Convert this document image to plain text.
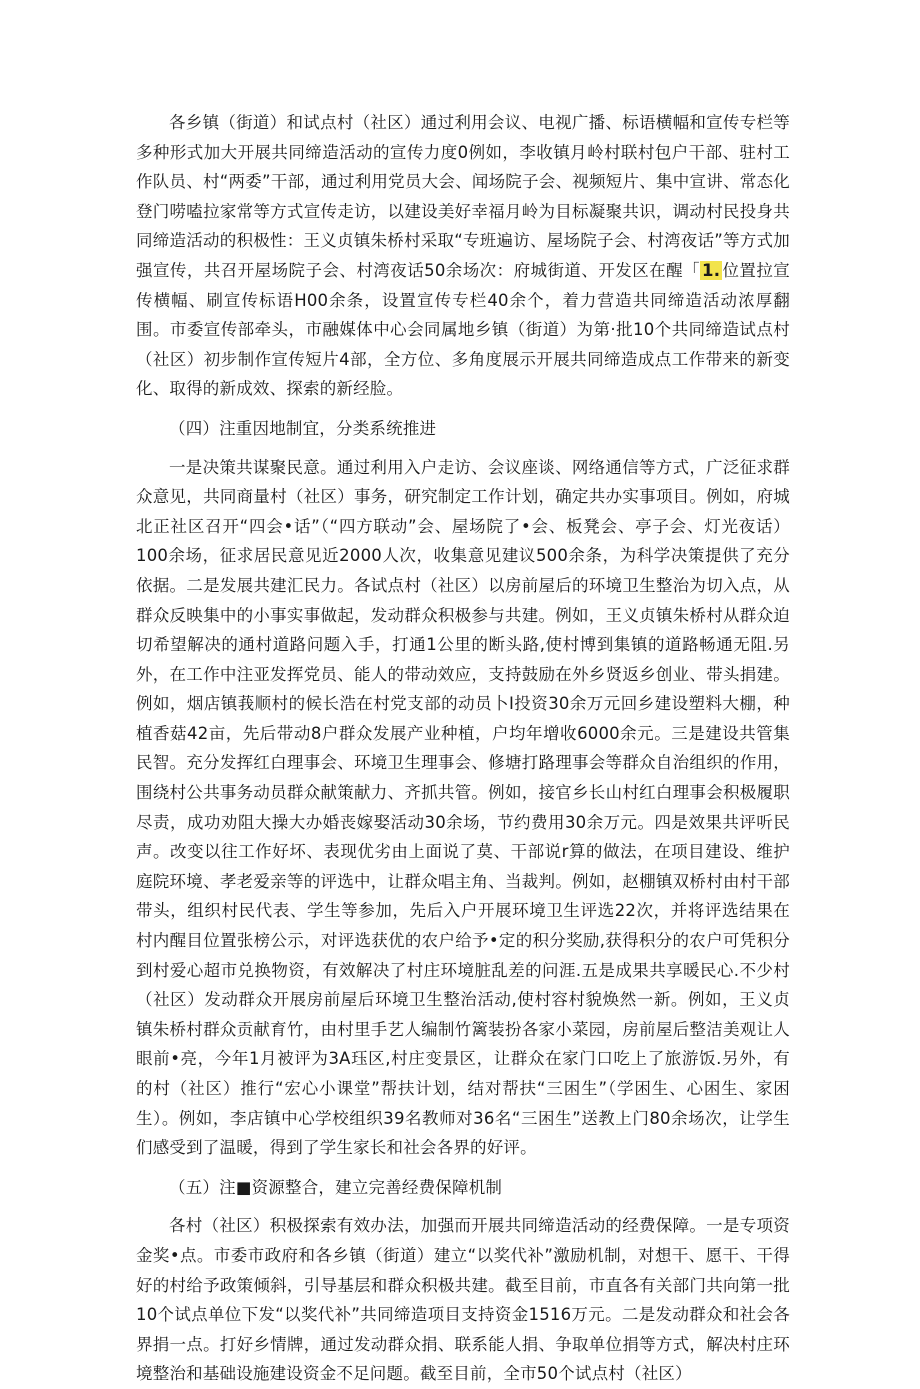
各乡镇（街道）和试点村（社区）通过利用会议、电视广播、标语横幅和宣传专栏等多种形式加大开展共同缔造活动的宣传力度0例如，李收镇月岭村联村包户干部、驻村工作队员、村“两委”干部，通过利用党员大会、闻场院子会、视频短片、集中宣讲、常态化登门唠嗑拉家常等方式宣传走访，以建设美好幸福月岭为目标凝聚共识，调动村民投身共同缔造活动的积极性：王义贞镇朱桥村采取“专班遍访、屋场院子会、村湾夜话”等方式加强宣传，共召开屋场院子会、村湾夜话50余场次：府城街道、开发区在醒「 1. 位置拉宣传横幅、刷宣传标语H00余条，设置宣传专栏40余个，着力营造共同缔造活动浓厚翻围。市委宣传部牵头，市融媒体中心会同属地乡镇（街道）为第·批10个共同缔造试点村（社区）初步制作宣传短片4部，全方位、多角度展示开展共同缔造成点工作带来的新变化、取得的新成效、探索的新经脸。

（四）注重因地制宜，分类系统推进

一是决策共谋聚民意。通过利用入户走访、会议座谈、网络通信等方式，广泛征求群众意见，共同商量村（社区）事务，研究制定工作计划，确定共办实事项目。例如，府城北正社区召开“四会•话”（“四方联动”会、屋场院了•会、板凳会、亭子会、灯光夜话）100余场，征求居民意见近2000人次，收集意见建议500余条，为科学决策提供了充分依据。二是发展共建汇民力。各试点村（社区）以房前屋后的环境卫生整治为切入点，从群众反映集中的小事实事做起，发动群众积极参与共建。例如，王义贞镇朱桥村从群众迫切希望解决的通村道路问题入手，打通1公里的断头路,使村博到集镇的道路畅通无阻.另外，在工作中注亚发挥党员、能人的带动效应，支持鼓励在外乡贤返乡创业、带头捐建。例如，烟店镇莪顺村的候长浩在村党支部的动员卜I投资30余万元回乡建设塑料大棚，种植香菇42亩，先后带动8户群众发展产业种植，户均年增收6000余元。三是建设共管集民智。充分发挥红白理事会、环境卫生理事会、修塘打路理事会等群众自治组织的作用，围绕村公共事务动员群众献策献力、齐抓共管。例如，接官乡长山村红白理事会积极履职尽责，成功劝阻大操大办婚丧嫁娶活动30余场，节约费用30余万元。四是效果共评听民声。改变以往工作好坏、表现优劣由上面说了莫、干部说r算的做法，在项目建设、维护庭院环境、孝老爱亲等的评选中，让群众唱主角、当裁判。例如，赵棚镇双桥村由村干部带头，组织村民代表、学生等参加，先后入户开展环境卫生评选22次，并将评选结果在村内醒目位置张榜公示，对评选获优的农户给予•定的积分奖励,获得积分的农户可凭积分到村爱心超市兑换物资，有效解决了村庄环境脏乱差的问涯.五是成果共享暖民心.不少村（社区）发动群众开展房前屋后环境卫生整治活动,使村容村貌焕然一新。例如，王义贞镇朱桥村群众贡献育竹，由村里手艺人编制竹篱装扮各家小菜园，房前屋后整洁美观让人眼前•亮，今年1月被评为3A珏区,村庄变景区，让群众在家门口吃上了旅游饭.另外，有的村（社区）推行“宏心小课堂”帮扶计划，结对帮扶“三困生”（学困生、心困生、家困生）。例如，李店镇中心学校组织39名教师对36名“三困生”送教上门80余场次，让学生们感受到了温暖，得到了学生家长和社会各界的好评。

（五）注■资源整合，建立完善经费保障机制

各村（社区）积极探索有效办法，加强而开展共同缔造活动的经费保障。一是专项资金奖•点。市委市政府和各乡镇（街道）建立“以奖代补”激励机制，对想干、愿干、干得好的村给予政策倾斜，引导基层和群众积极共建。截至目前，市直各有关部门共向第一批10个试点单位下发“以奖代补”共同缔造项目支持资金1516万元。二是发动群众和社会各界捐一点。打好乡情牌，通过发动群众捐、联系能人捐、争取单位捐等方式，解决村庄环境整治和基础设施建设资金不足问题。截至目前，全市50个试点村（社区）
